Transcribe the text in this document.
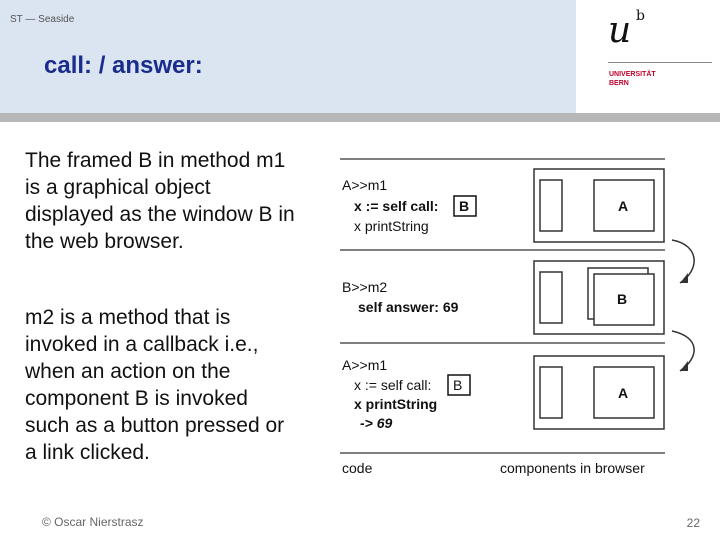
ST — Seaside
call: / answer:
u b
UNIVERSITÄT
BERN
The framed B in method m1 is a graphical object displayed as the window B in the web browser.
m2 is a method that is invoked in a callback i.e., when an action on the component B is invoked such as a button pressed or a link clicked.
A>>m1
x := self call: B
x printString
A
B>>m2
self answer: 69	B
A>>m1
x := self call: B
x printString
-> 69
A
code	components in browser
© Oscar Nierstrasz	22
